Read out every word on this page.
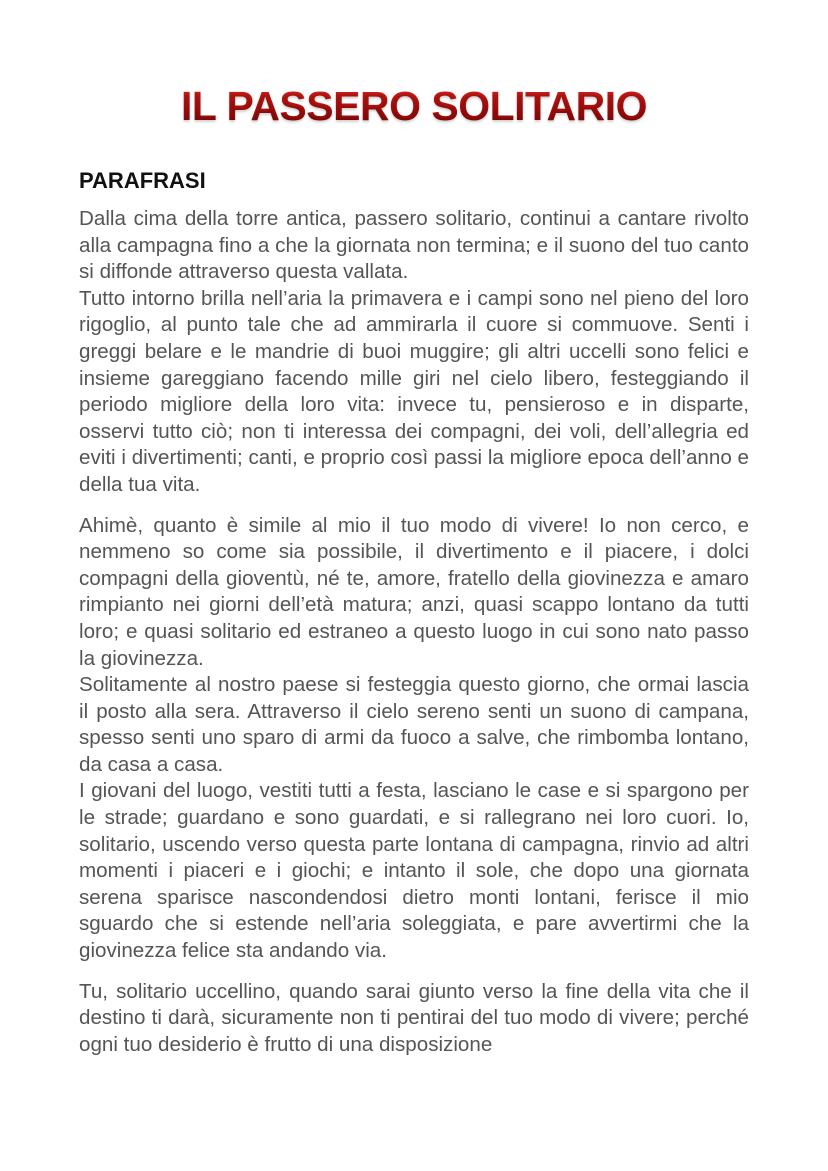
IL PASSERO SOLITARIO
PARAFRASI

Dalla cima della torre antica, passero solitario, continui a cantare rivolto alla campagna fino a che la giornata non termina; e il suono del tuo canto si diffonde attraverso questa vallata.

Tutto intorno brilla nell’aria la primavera e i campi sono nel pieno del loro rigoglio, al punto tale che ad ammirarla il cuore si commuove. Senti i greggi belare e le mandrie di buoi muggire; gli altri uccelli sono felici e insieme gareggiano facendo mille giri nel cielo libero, festeggiando il periodo migliore della loro vita: invece tu, pensieroso e in disparte, osservi tutto ciò; non ti interessa dei compagni, dei voli, dell’allegria ed eviti i divertimenti; canti, e proprio così passi la migliore epoca dell’anno e della tua vita.

Ahimè, quanto è simile al mio il tuo modo di vivere! Io non cerco, e nemmeno so come sia possibile, il divertimento e il piacere, i dolci compagni della gioventù, né te, amore, fratello della giovinezza e amaro rimpianto nei giorni dell’età matura; anzi, quasi scappo lontano da tutti loro; e quasi solitario ed estraneo a questo luogo in cui sono nato passo la giovinezza.

Solitamente al nostro paese si festeggia questo giorno, che ormai lascia il posto alla sera. Attraverso il cielo sereno senti un suono di campana, spesso senti uno sparo di armi da fuoco a salve, che rimbomba lontano, da casa a casa.

I giovani del luogo, vestiti tutti a festa, lasciano le case e si spargono per le strade; guardano e sono guardati, e si rallegrano nei loro cuori. Io, solitario, uscendo verso questa parte lontana di campagna, rinvio ad altri momenti i piaceri e i giochi; e intanto il sole, che dopo una giornata serena sparisce nascondendosi dietro monti lontani, ferisce il mio sguardo che si estende nell’aria soleggiata, e pare avvertirmi che la giovinezza felice sta andando via.

Tu, solitario uccellino, quando sarai giunto verso la fine della vita che il destino ti darà, sicuramente non ti pentirai del tuo modo di vivere; perché ogni tuo desiderio è frutto di una disposizione
